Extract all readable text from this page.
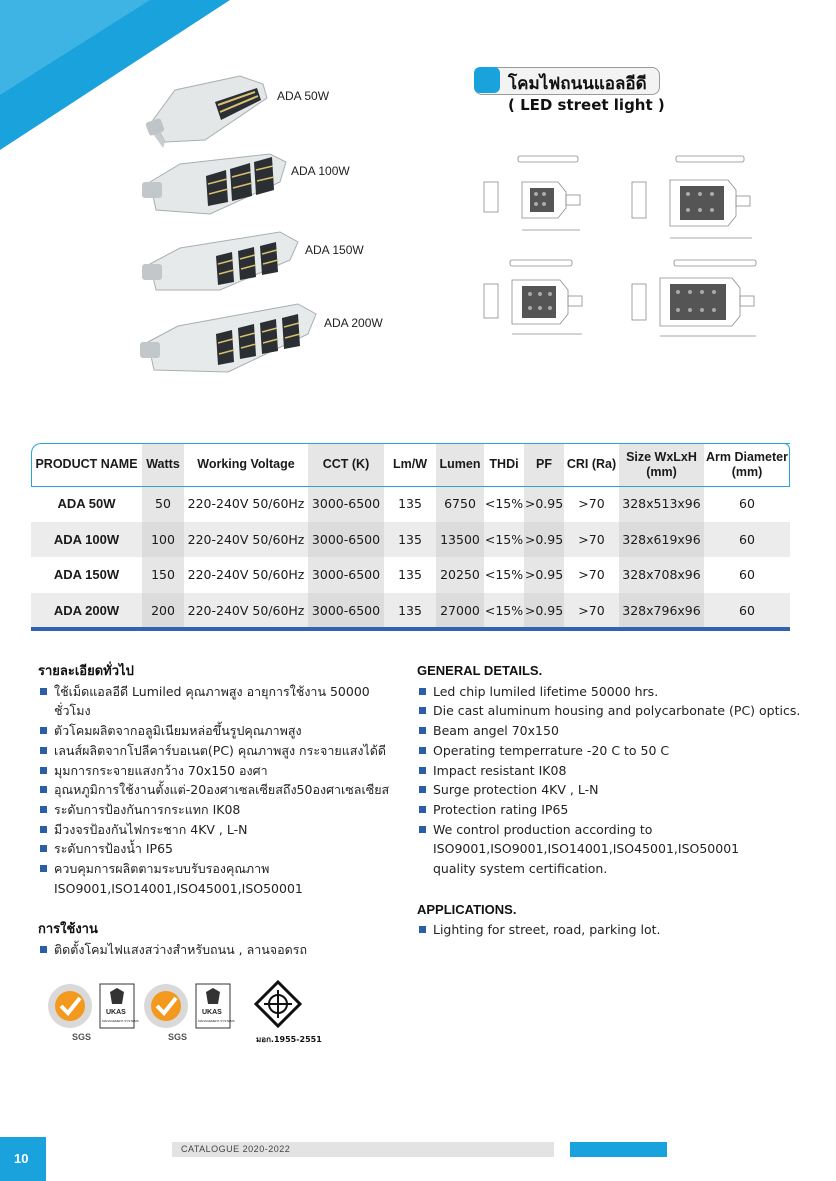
ADA 50W
ADA 100W
ADA 150W
ADA 200W
โคมไฟถนนแอลอีดี
( LED street light )
PRODUCT NAME	Watts	Working Voltage	CCT (K)	Lm/W	Lumen	THDi	PF	CRI (Ra)	Size WxLxH (mm)	Arm Diameter (mm)
ADA 50W	50	220-240V 50/60Hz	3000-6500	135	6750	<15%	>0.95	>70	328x513x96	60
ADA 100W	100	220-240V 50/60Hz	3000-6500	135	13500	<15%	>0.95	>70	328x619x96	60
ADA 150W	150	220-240V 50/60Hz	3000-6500	135	20250	<15%	>0.95	>70	328x708x96	60
ADA 200W	200	220-240V 50/60Hz	3000-6500	135	27000	<15%	>0.95	>70	328x796x96	60
รายละเอียดทั่วไป
ใช้เม็ดแอลอีดี Lumiled คุณภาพสูง อายุการใช้งาน 50000 ชั่วโมง
ตัวโคมผลิตจากอลูมิเนียมหล่อขึ้นรูปคุณภาพสูง
เลนส์ผลิตจากโปลีคาร์บอเนต(PC) คุณภาพสูง กระจายแสงได้ดี
มุมการกระจายแสงกว้าง 70x150 องศา
อุณหภูมิการใช้งานตั้งแต่-20องศาเซลเซียสถึง50องศาเซลเซียส
ระดับการป้องกันการกระแทก IK08
มีวงจรป้องกันไฟกระชาก 4KV , L-N
ระดับการป้องน้ำ IP65
ควบคุมการผลิตตามระบบรับรองคุณภาพ
ISO9001,ISO14001,ISO45001,ISO50001
การใช้งาน
ติดตั้งโคมไฟแสงสว่างสำหรับถนน , ลานจอดรถ
GENERAL DETAILS.
Led chip lumiled lifetime 50000 hrs.
Die cast aluminum housing and polycarbonate (PC) optics.
Beam angel 70x150
Operating temperrature -20 C to 50 C
Impact resistant IK08
Surge protection 4KV , L-N
Protection rating IP65
We control production according to
ISO9001,ISO9001,ISO14001,ISO45001,ISO50001
quality system certification.
APPLICATIONS.
Lighting for street, road, parking lot.
SGS
UKAS
MANAGEMENT SYSTEMS
SGS
UKAS
MANAGEMENT SYSTEMS
มอก.1955-2551
10
CATALOGUE 2020-2022
